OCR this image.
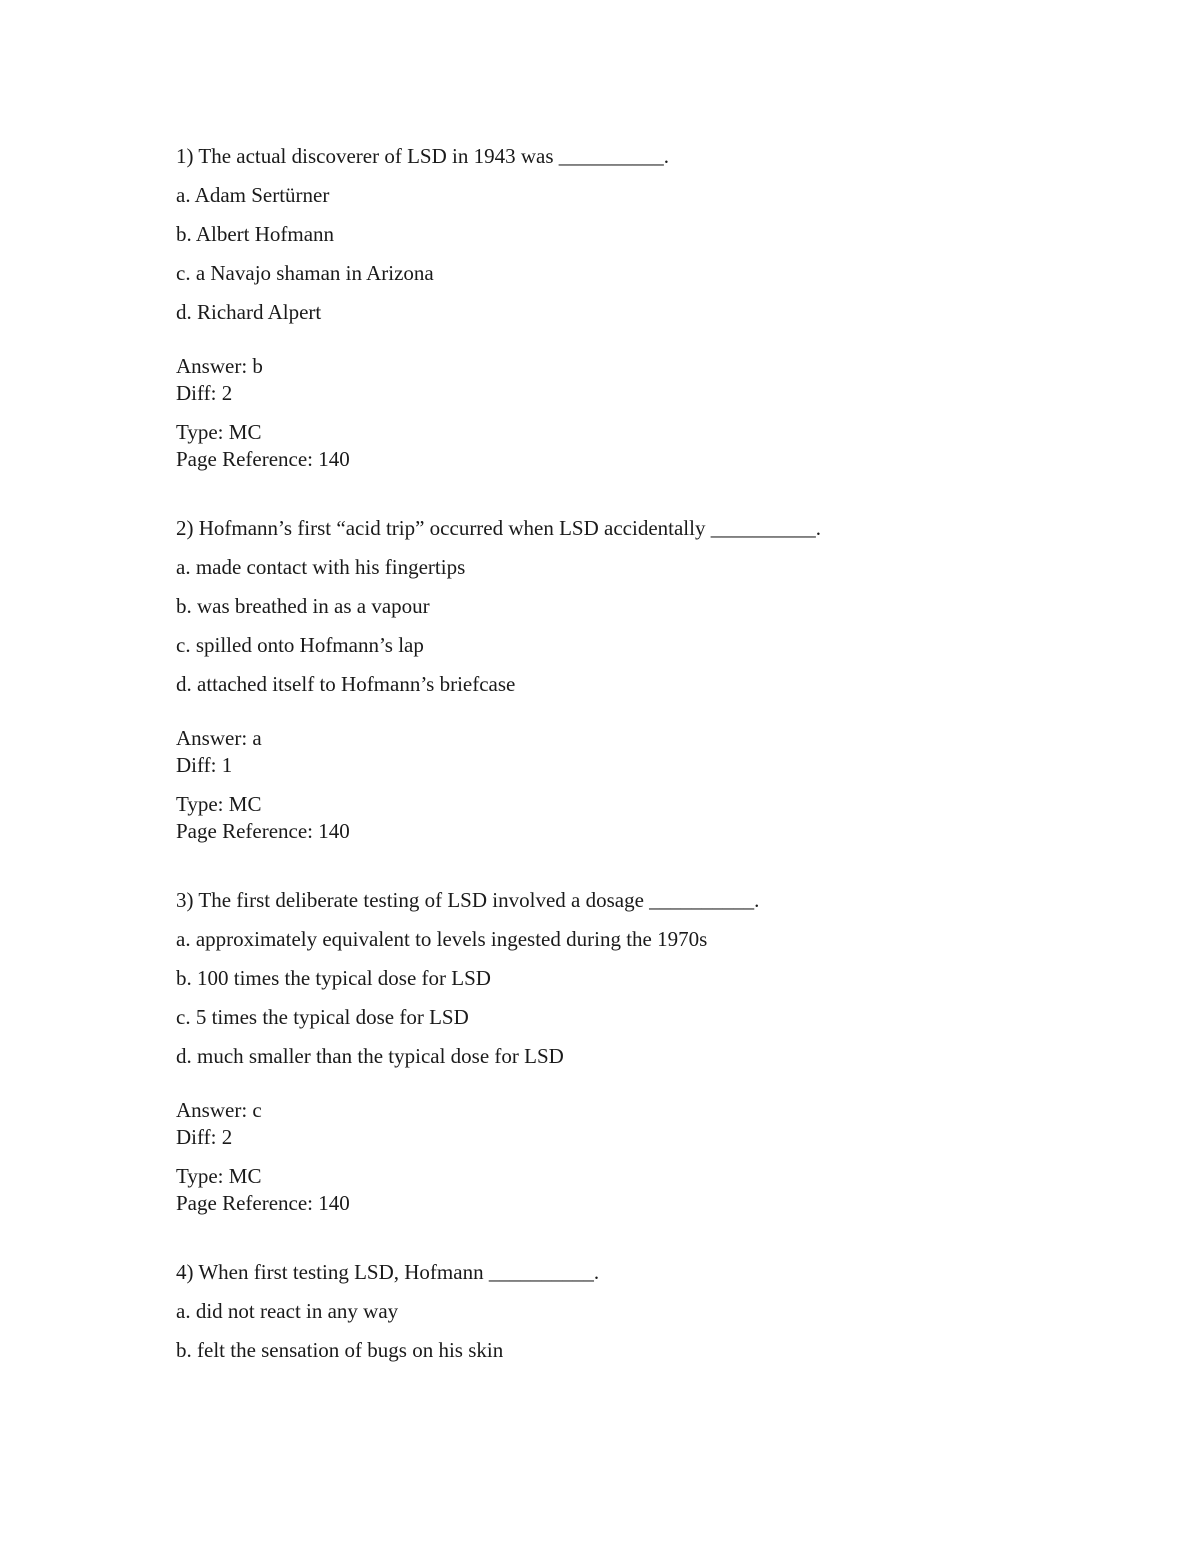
1) The actual discoverer of LSD in 1943 was __________.
a. Adam Sertürner
b. Albert Hofmann
c. a Navajo shaman in Arizona
d. Richard Alpert
Answer: b
Diff: 2
Type: MC
Page Reference: 140
2) Hofmann’s first “acid trip” occurred when LSD accidentally __________.
a. made contact with his fingertips
b. was breathed in as a vapour
c. spilled onto Hofmann’s lap
d. attached itself to Hofmann’s briefcase
Answer: a
Diff: 1
Type: MC
Page Reference: 140
3) The first deliberate testing of LSD involved a dosage __________.
a. approximately equivalent to levels ingested during the 1970s
b. 100 times the typical dose for LSD
c. 5 times the typical dose for LSD
d. much smaller than the typical dose for LSD
Answer: c
Diff: 2
Type: MC
Page Reference: 140
4) When first testing LSD, Hofmann __________.
a. did not react in any way
b. felt the sensation of bugs on his skin
